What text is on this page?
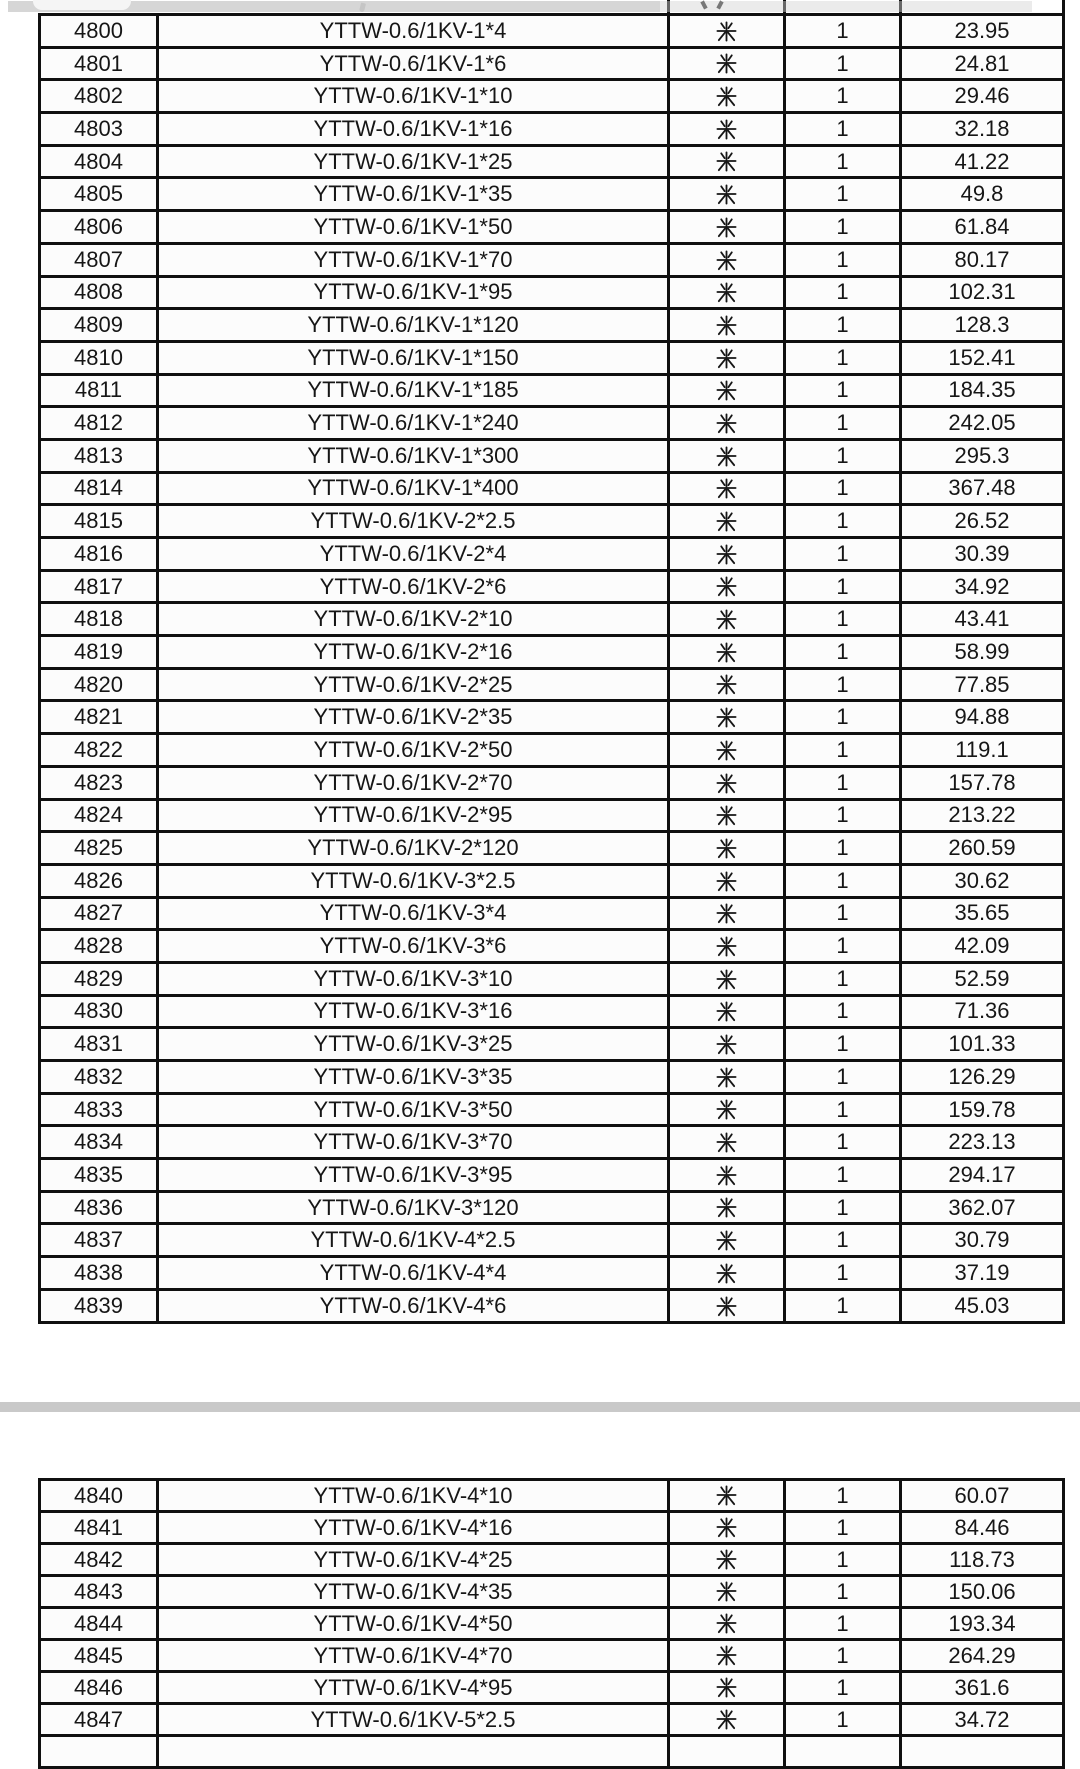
4800	YTTW-0.6/1KV-1*4		1	23.95
4801	YTTW-0.6/1KV-1*6		1	24.81
4802	YTTW-0.6/1KV-1*10		1	29.46
4803	YTTW-0.6/1KV-1*16		1	32.18
4804	YTTW-0.6/1KV-1*25		1	41.22
4805	YTTW-0.6/1KV-1*35		1	49.8
4806	YTTW-0.6/1KV-1*50		1	61.84
4807	YTTW-0.6/1KV-1*70		1	80.17
4808	YTTW-0.6/1KV-1*95		1	102.31
4809	YTTW-0.6/1KV-1*120		1	128.3
4810	YTTW-0.6/1KV-1*150		1	152.41
4811	YTTW-0.6/1KV-1*185		1	184.35
4812	YTTW-0.6/1KV-1*240		1	242.05
4813	YTTW-0.6/1KV-1*300		1	295.3
4814	YTTW-0.6/1KV-1*400		1	367.48
4815	YTTW-0.6/1KV-2*2.5		1	26.52
4816	YTTW-0.6/1KV-2*4		1	30.39
4817	YTTW-0.6/1KV-2*6		1	34.92
4818	YTTW-0.6/1KV-2*10		1	43.41
4819	YTTW-0.6/1KV-2*16		1	58.99
4820	YTTW-0.6/1KV-2*25		1	77.85
4821	YTTW-0.6/1KV-2*35		1	94.88
4822	YTTW-0.6/1KV-2*50		1	119.1
4823	YTTW-0.6/1KV-2*70		1	157.78
4824	YTTW-0.6/1KV-2*95		1	213.22
4825	YTTW-0.6/1KV-2*120		1	260.59
4826	YTTW-0.6/1KV-3*2.5		1	30.62
4827	YTTW-0.6/1KV-3*4		1	35.65
4828	YTTW-0.6/1KV-3*6		1	42.09
4829	YTTW-0.6/1KV-3*10		1	52.59
4830	YTTW-0.6/1KV-3*16		1	71.36
4831	YTTW-0.6/1KV-3*25		1	101.33
4832	YTTW-0.6/1KV-3*35		1	126.29
4833	YTTW-0.6/1KV-3*50		1	159.78
4834	YTTW-0.6/1KV-3*70		1	223.13
4835	YTTW-0.6/1KV-3*95		1	294.17
4836	YTTW-0.6/1KV-3*120		1	362.07
4837	YTTW-0.6/1KV-4*2.5		1	30.79
4838	YTTW-0.6/1KV-4*4		1	37.19
4839	YTTW-0.6/1KV-4*6		1	45.03
4840	YTTW-0.6/1KV-4*10		1	60.07
4841	YTTW-0.6/1KV-4*16		1	84.46
4842	YTTW-0.6/1KV-4*25		1	118.73
4843	YTTW-0.6/1KV-4*35		1	150.06
4844	YTTW-0.6/1KV-4*50		1	193.34
4845	YTTW-0.6/1KV-4*70		1	264.29
4846	YTTW-0.6/1KV-4*95		1	361.6
4847	YTTW-0.6/1KV-5*2.5		1	34.72
